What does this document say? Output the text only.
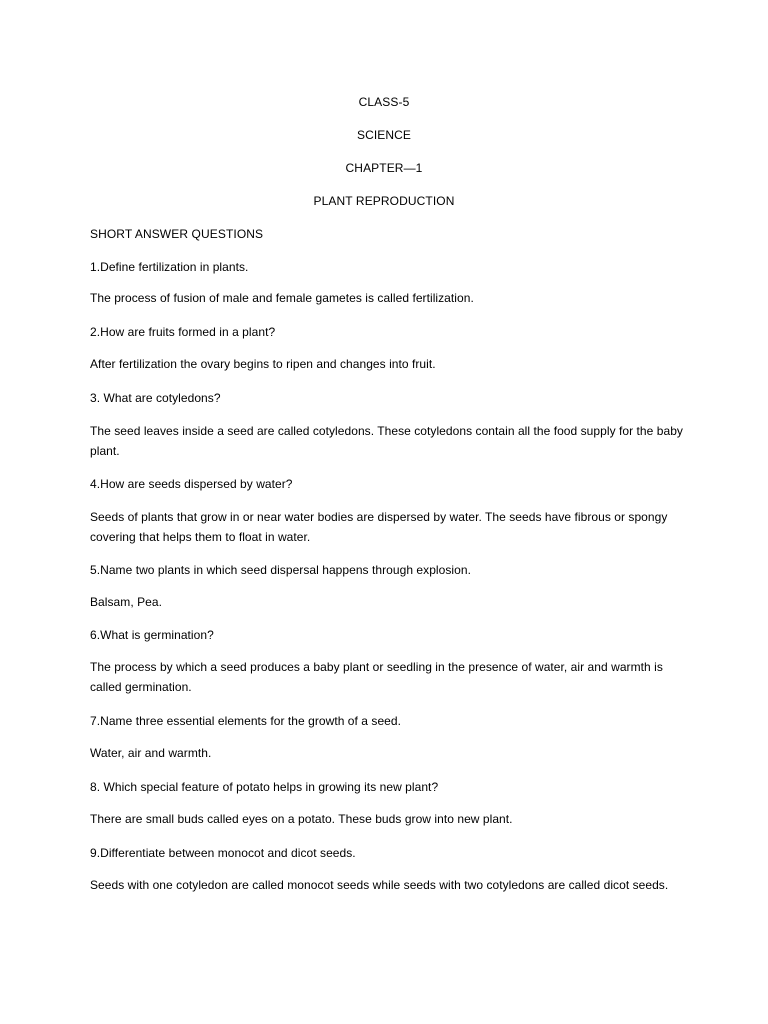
CLASS-5
SCIENCE
CHAPTER—1
PLANT REPRODUCTION
SHORT ANSWER QUESTIONS
1.Define fertilization in plants.
The process of fusion of male and female gametes is called fertilization.
2.How are fruits formed in a plant?
After fertilization the ovary begins to ripen and changes into fruit.
3. What are cotyledons?
The seed leaves inside a seed are called cotyledons. These cotyledons contain all the food supply for the baby plant.
4.How are seeds dispersed by water?
Seeds of plants that grow in or near water bodies are dispersed by water. The seeds have fibrous or spongy covering that helps them to float in water.
5.Name two plants in which seed dispersal happens through explosion.
Balsam, Pea.
6.What is germination?
The process by which a seed produces a baby plant or seedling in the presence of water, air and warmth is called germination.
7.Name three essential elements for the growth of a seed.
Water, air and warmth.
8. Which special feature of potato helps in growing its new plant?
There are small buds called eyes on a potato. These buds grow into new plant.
9.Differentiate between monocot and dicot seeds.
Seeds with one cotyledon are called monocot seeds while seeds with two cotyledons are called dicot seeds.
